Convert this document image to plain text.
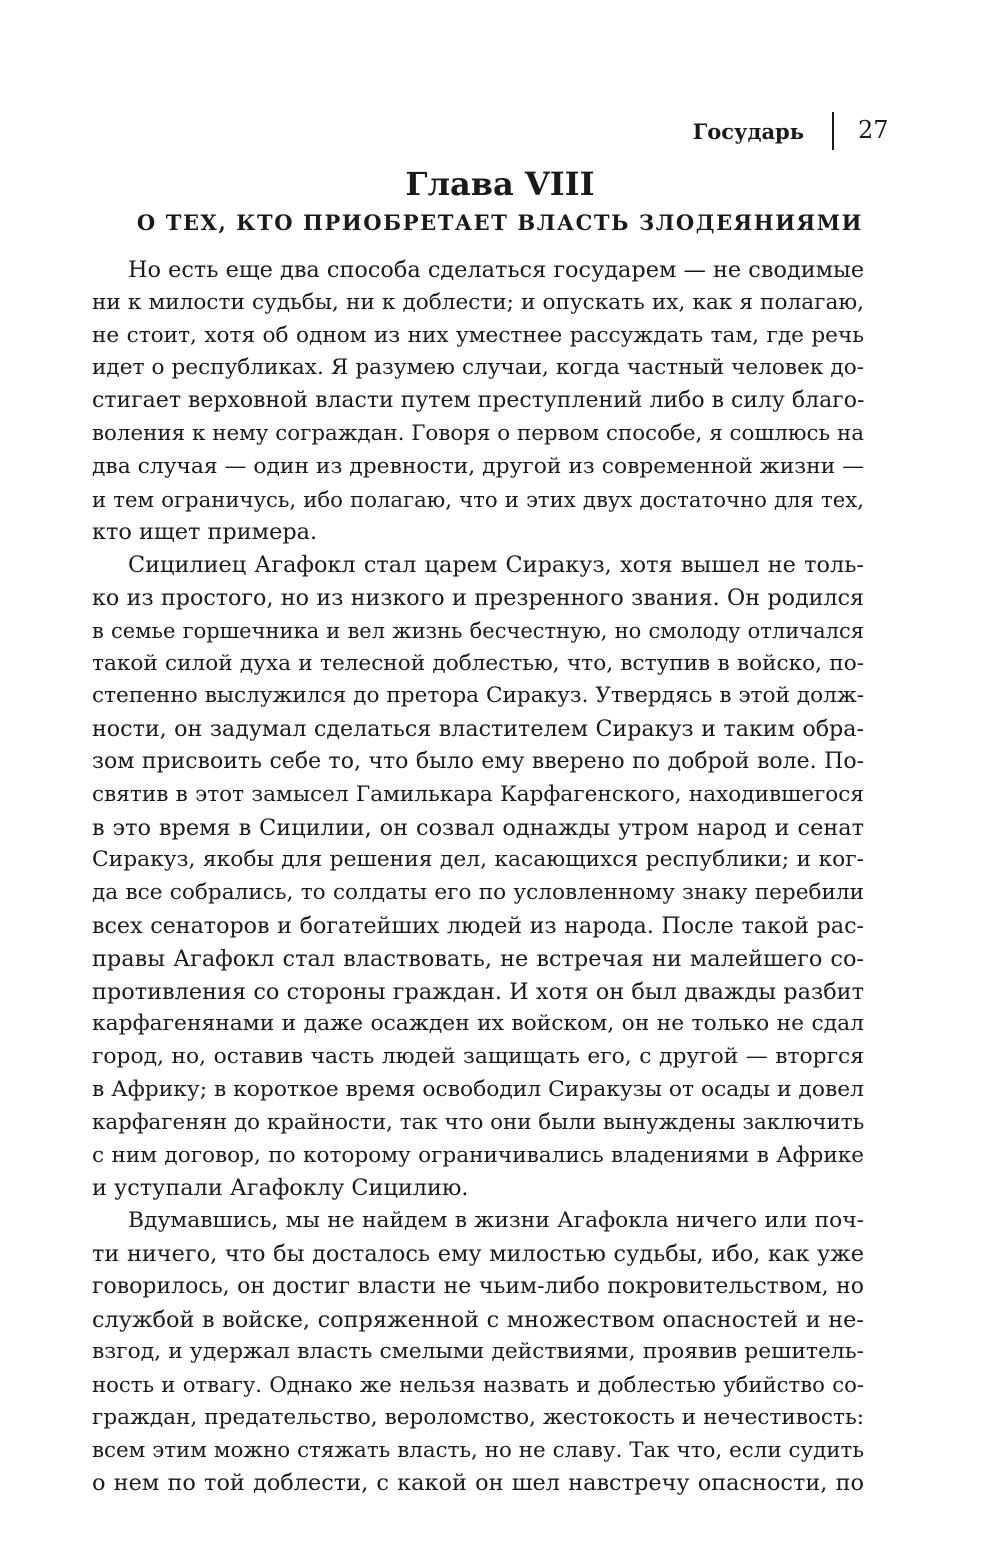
Государь 27
Глава VIII
О ТЕХ, КТО ПРИОБРЕТАЕТ ВЛАСТЬ ЗЛОДЕЯНИЯМИ
Но есть еще два способа сделаться государем — не сводимые
ни к милости судьбы, ни к доблести; и опускать их, как я полагаю,
не стоит, хотя об одном из них уместнее рассуждать там, где речь
идет о республиках. Я разумею случаи, когда частный человек до-
стигает верховной власти путем преступлений либо в силу благо-
воления к нему сограждан. Говоря о первом способе, я сошлюсь на
два случая — один из древности, другой из современной жизни —
и тем ограничусь, ибо полагаю, что и этих двух достаточно для тех,
кто ищет примера.
Сицилиец Агафокл стал царем Сиракуз, хотя вышел не толь-
ко из простого, но из низкого и презренного звания. Он родился
в семье горшечника и вел жизнь бесчестную, но смолоду отличался
такой силой духа и телесной доблестью, что, вступив в войско, по-
степенно выслужился до претора Сиракуз. Утвердясь в этой долж-
ности, он задумал сделаться властителем Сиракуз и таким обра-
зом присвоить себе то, что было ему вверено по доброй воле. По-
святив в этот замысел Гамилькара Карфагенского, находившегося
в это время в Сицилии, он созвал однажды утром народ и сенат
Сиракуз, якобы для решения дел, касающихся республики; и ког-
да все собрались, то солдаты его по условленному знаку перебили
всех сенаторов и богатейших людей из народа. После такой рас-
правы Агафокл стал властвовать, не встречая ни малейшего со-
противления со стороны граждан. И хотя он был дважды разбит
карфагенянами и даже осажден их войском, он не только не сдал
город, но, оставив часть людей защищать его, с другой — вторгся
в Африку; в короткое время освободил Сиракузы от осады и довел
карфагенян до крайности, так что они были вынуждены заключить
с ним договор, по которому ограничивались владениями в Африке
и уступали Агафоклу Сицилию.
Вдумавшись, мы не найдем в жизни Агафокла ничего или поч-
ти ничего, что бы досталось ему милостью судьбы, ибо, как уже
говорилось, он достиг власти не чьим-либо покровительством, но
службой в войске, сопряженной с множеством опасностей и не-
взгод, и удержал власть смелыми действиями, проявив решитель-
ность и отвагу. Однако же нельзя назвать и доблестью убийство со-
граждан, предательство, вероломство, жестокость и нечестивость:
всем этим можно стяжать власть, но не славу. Так что, если судить
о нем по той доблести, с какой он шел навстречу опасности, по
